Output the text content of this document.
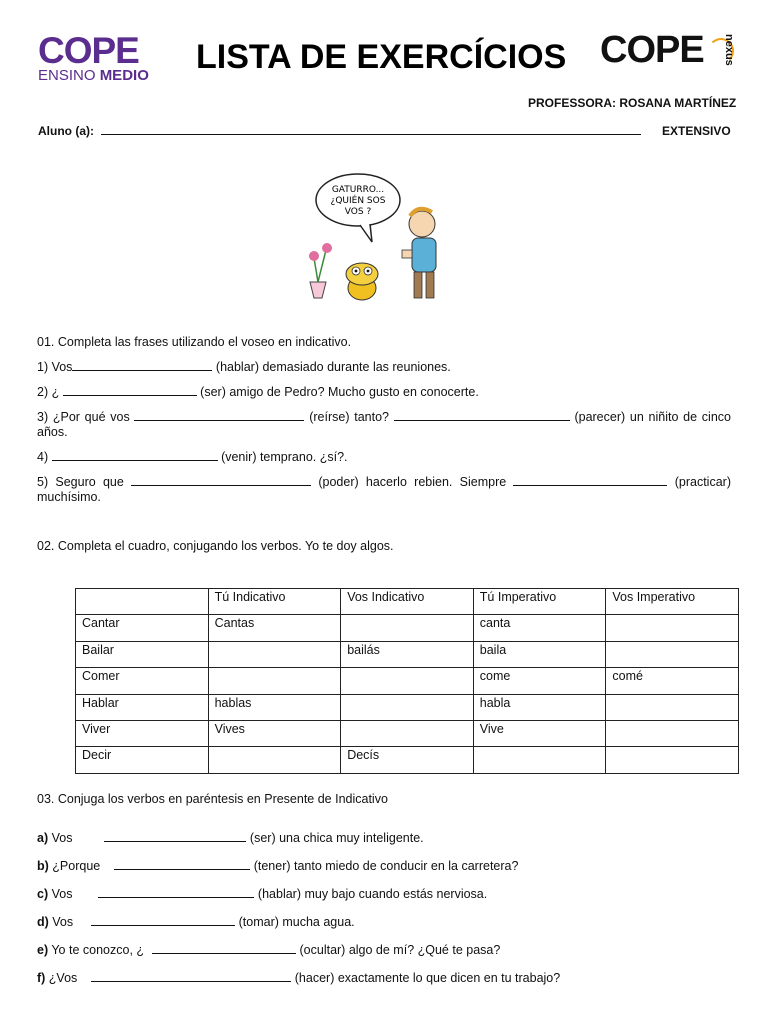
COPE
ENSINO MEDIO LISTA DE EXERCÍCIOS COPE	nexus
PROFESSORA: ROSANA MARTÍNEZ
Aluno (a):	EXTENSIVO
GATURRO...
¿QUIÉN SOS
VOS ?
01. Completa las frases utilizando el voseo en indicativo.
1) Vos	(hablar) demasiado durante las reuniones.
2) ¿	(ser) amigo de Pedro? Mucho gusto en conocerte.
3) ¿Por qué vos	(reírse) tanto?	(parecer) un niñito de cinco años.
4)	(venir) temprano. ¿sí?.
5) Seguro que	(poder) hacerlo rebien. Siempre	(practicar) muchísimo.
02. Completa el cuadro, conjugando los verbos. Yo te doy algos.
	Tú Indicativo	Vos Indicativo	Tú Imperativo	Vos Imperativo
Cantar	Cantas		canta	
Bailar		bailás	baila	
Comer			come	comé
Hablar	hablas		habla	
Viver	Vives		Vive	
Decir		Decís		
03. Conjuga los verbos en paréntesis en Presente de Indicativo
a) Vos	(ser) una chica muy inteligente.
b) ¿Porque	(tener) tanto miedo de conducir en la carretera?
c) Vos	(hablar) muy bajo cuando estás nerviosa.
d) Vos	(tomar) mucha agua.
e) Yo te conozco, ¿	(ocultar) algo de mí? ¿Qué te pasa?
f) ¿Vos	(hacer) exactamente lo que dicen en tu trabajo?
